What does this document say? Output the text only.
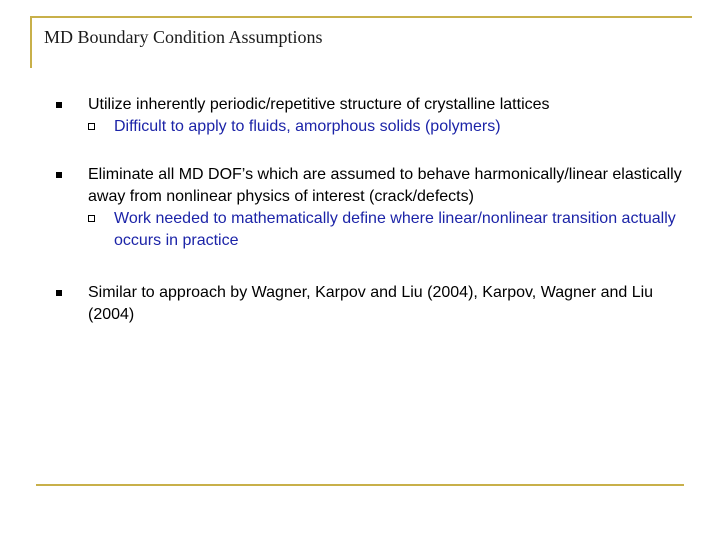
MD Boundary Condition Assumptions
Utilize inherently periodic/repetitive structure of crystalline lattices
Difficult to apply to fluids, amorphous solids (polymers)
Eliminate all MD DOF’s which are assumed to behave harmonically/linear elastically away from nonlinear physics of interest (crack/defects)
Work needed to mathematically define where linear/nonlinear transition actually occurs in practice
Similar to approach by Wagner, Karpov and Liu (2004), Karpov, Wagner and Liu (2004)
